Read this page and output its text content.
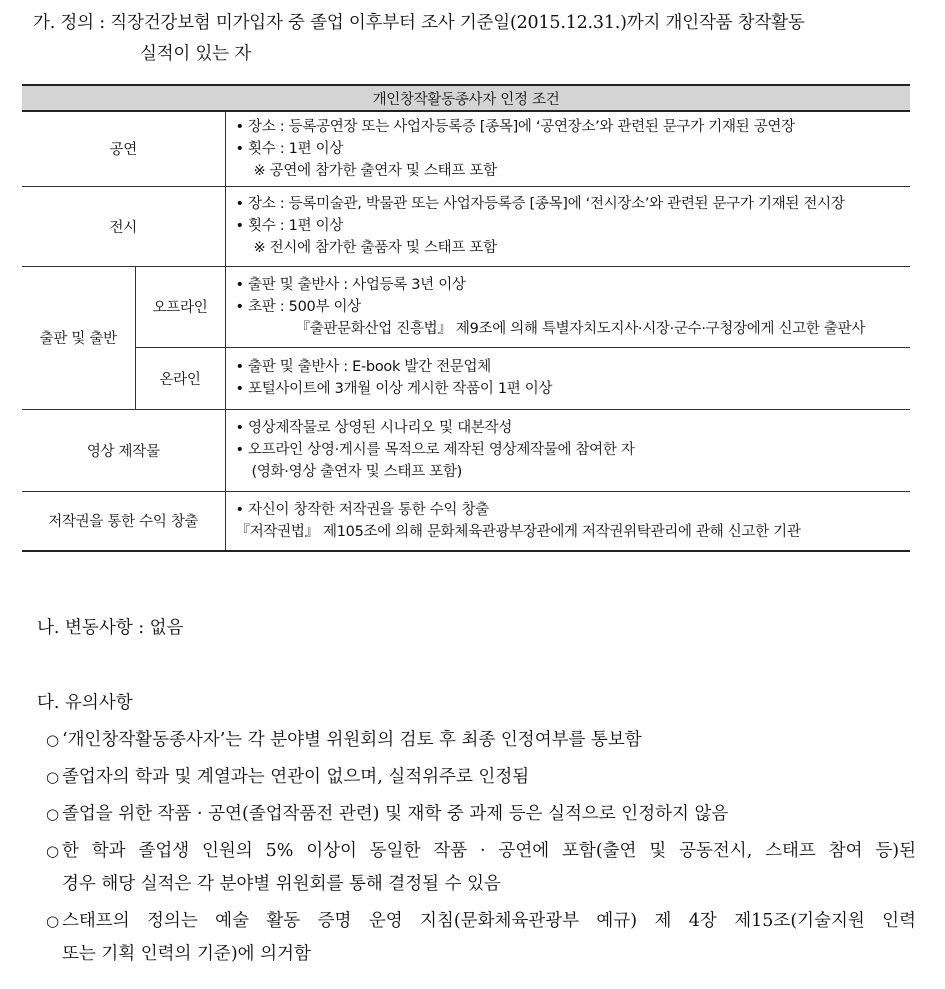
가. 정의 : 직장건강보험 미가입자 중 졸업 이후부터 조사 기준일(2015.12.31.)까지 개인작품 창작활동
실적이 있는 자
개인창작활동종사자 인정 조건		
공연		• 장소 : 등록공연장 또는 사업자등록증 [종목]에 ‘공연장소’와 관련된 문구가 기재된 공연장
• 횟수 : 1편 이상
※ 공연에 참가한 출연자 및 스태프 포함

전시		• 장소 : 등록미술관, 박물관 또는 사업자등록증 [종목]에 ‘전시장소’와 관련된 문구가 기재된 전시장
• 횟수 : 1편 이상
※ 전시에 참가한 출품자 및 스태프 포함

출판 및 출반	오프라인	• 출판 및 출반사 : 사업등록 3년 이상
• 초판 : 500부 이상
『출판문화산업 진흥법』 제9조에 의해 특별자치도지사·시장·군수·구청장에게 신고한 출판사

	온라인	• 출판 및 출반사 : E-book 발간 전문업체
• 포털사이트에 3개월 이상 게시한 작품이 1편 이상

영상 제작물		• 영상제작물로 상영된 시나리오 및 대본작성
• 오프라인 상영·게시를 목적으로 제작된 영상제작물에 참여한 자
(영화·영상 출연자 및 스태프 포함)

저작권을 통한 수익 창출		• 자신이 창작한 저작권을 통한 수익 창출
『저작권법』 제105조에 의해 문화체육관광부장관에게 저작권위탁관리에 관해 신고한 기관
나. 변동사항 : 없음
다. 유의사항
○ ‘개인창작활동종사자’는 각 분야별 위원회의 검토 후 최종 인정여부를 통보함
○ 졸업자의 학과 및 계열과는 연관이 없으며, 실적위주로 인정됨
○ 졸업을 위한 작품 · 공연(졸업작품전 관련) 및 재학 중 과제 등은 실적으로 인정하지 않음
○ 한 학과 졸업생 인원의 5% 이상이 동일한 작품 · 공연에 포함(출연 및 공동전시, 스태프 참여 등)된
경우 해당 실적은 각 분야별 위원회를 통해 결정될 수 있음
○ 스태프의 정의는 예술 활동 증명 운영 지침(문화체육관광부 예규) 제 4장 제15조(기술지원 인력
또는 기획 인력의 기준)에 의거함
